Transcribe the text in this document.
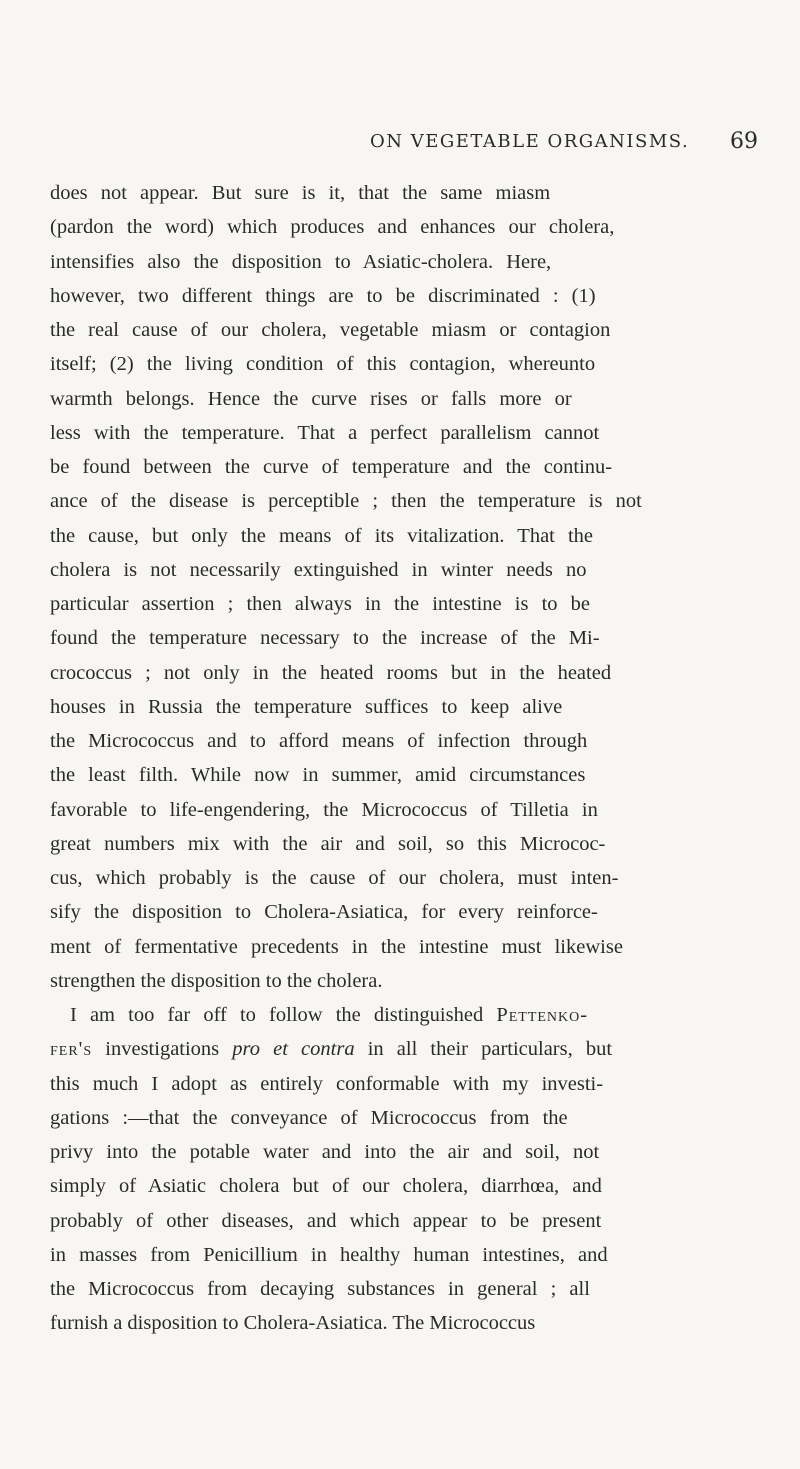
ON VEGETABLE ORGANISMS. 69
does not appear. But sure is it, that the same miasm
(pardon the word) which produces and enhances our cholera,
intensifies also the disposition to Asiatic-cholera. Here,
however, two different things are to be discriminated : (1)
the real cause of our cholera, vegetable miasm or contagion
itself; (2) the living condition of this contagion, whereunto
warmth belongs. Hence the curve rises or falls more or
less with the temperature. That a perfect parallelism cannot
be found between the curve of temperature and the continu-
ance of the disease is perceptible ; then the temperature is not
the cause, but only the means of its vitalization. That the
cholera is not necessarily extinguished in winter needs no
particular assertion ; then always in the intestine is to be
found the temperature necessary to the increase of the Mi-
crococcus ; not only in the heated rooms but in the heated
houses in Russia the temperature suffices to keep alive
the Micrococcus and to afford means of infection through
the least filth. While now in summer, amid circumstances
favorable to life-engendering, the Micrococcus of Tilletia in
great numbers mix with the air and soil, so this Micrococ-
cus, which probably is the cause of our cholera, must inten-
sify the disposition to Cholera-Asiatica, for every reinforce-
ment of fermentative precedents in the intestine must likewise
strengthen the disposition to the cholera.
I am too far off to follow the distinguished Pettenko-
fer's investigations pro et contra in all their particulars, but
this much I adopt as entirely conformable with my investi-
gations :—that the conveyance of Micrococcus from the
privy into the potable water and into the air and soil, not
simply of Asiatic cholera but of our cholera, diarrhœa, and
probably of other diseases, and which appear to be present
in masses from Penicillium in healthy human intestines, and
the Micrococcus from decaying substances in general ; all
furnish a disposition to Cholera-Asiatica. The Micrococcus
